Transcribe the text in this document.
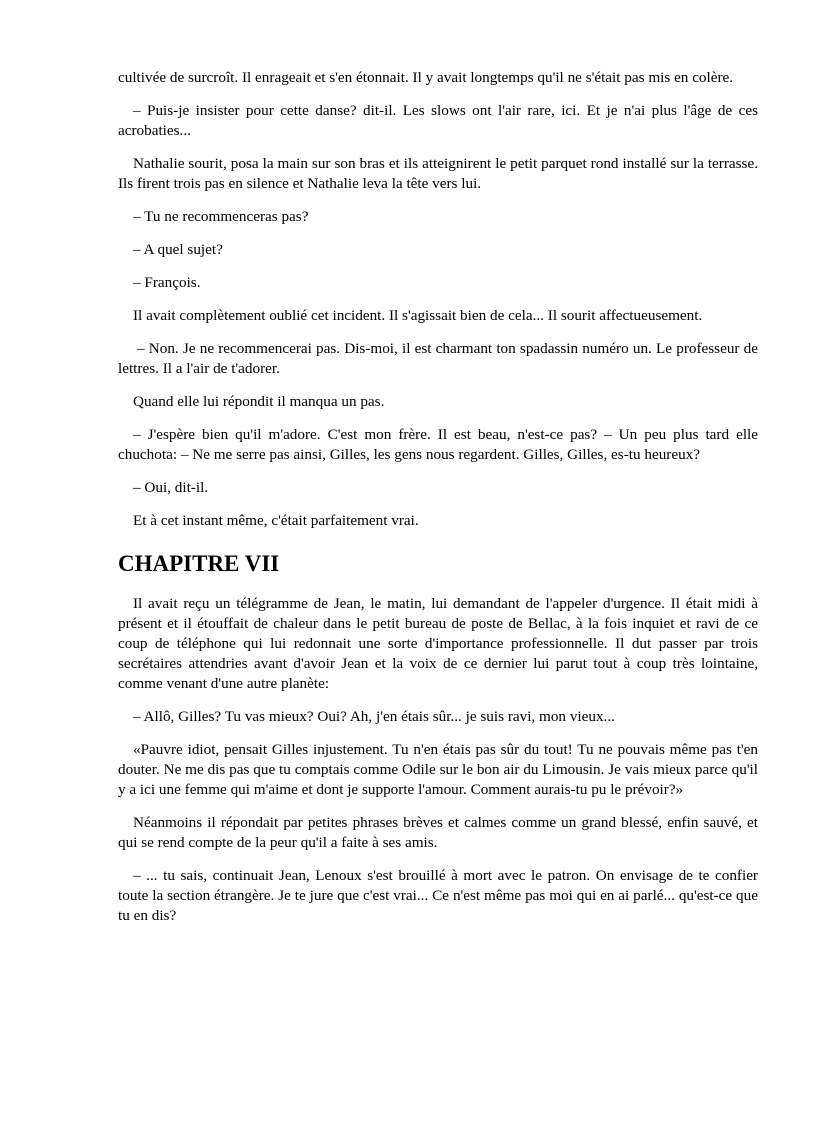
cultivée de surcroît. Il enrageait et s'en étonnait. Il y avait longtemps qu'il ne s'était pas mis en colère.

– Puis-je insister pour cette danse? dit-il. Les slows ont l'air rare, ici. Et je n'ai plus l'âge de ces acrobaties...

Nathalie sourit, posa la main sur son bras et ils atteignirent le petit parquet rond installé sur la terrasse. Ils firent trois pas en silence et Nathalie leva la tête vers lui.

– Tu ne recommenceras pas?

– A quel sujet?

– François.

Il avait complètement oublié cet incident. Il s'agissait bien de cela... Il sourit affectueusement.

– Non. Je ne recommencerai pas. Dis-moi, il est charmant ton spadassin numéro un. Le professeur de lettres. Il a l'air de t'adorer.

Quand elle lui répondit il manqua un pas.

– J'espère bien qu'il m'adore. C'est mon frère. Il est beau, n'est-ce pas? – Un peu plus tard elle chuchota: – Ne me serre pas ainsi, Gilles, les gens nous regardent. Gilles, Gilles, es-tu heureux?

– Oui, dit-il.

Et à cet instant même, c'était parfaitement vrai.

CHAPITRE VII

Il avait reçu un télégramme de Jean, le matin, lui demandant de l'appeler d'urgence. Il était midi à présent et il étouffait de chaleur dans le petit bureau de poste de Bellac, à la fois inquiet et ravi de ce coup de téléphone qui lui redonnait une sorte d'importance professionnelle. Il dut passer par trois secrétaires attendries avant d'avoir Jean et la voix de ce dernier lui parut tout à coup très lointaine, comme venant d'une autre planète:

– Allô, Gilles? Tu vas mieux? Oui? Ah, j'en étais sûr... je suis ravi, mon vieux...

«Pauvre idiot, pensait Gilles injustement. Tu n'en étais pas sûr du tout! Tu ne pouvais même pas t'en douter. Ne me dis pas que tu comptais comme Odile sur le bon air du Limousin. Je vais mieux parce qu'il y a ici une femme qui m'aime et dont je supporte l'amour. Comment aurais-tu pu le prévoir?»

Néanmoins il répondait par petites phrases brèves et calmes comme un grand blessé, enfin sauvé, et qui se rend compte de la peur qu'il a faite à ses amis.

– ... tu sais, continuait Jean, Lenoux s'est brouillé à mort avec le patron. On envisage de te confier toute la section étrangère. Je te jure que c'est vrai... Ce n'est même pas moi qui en ai parlé... qu'est-ce que tu en dis?
